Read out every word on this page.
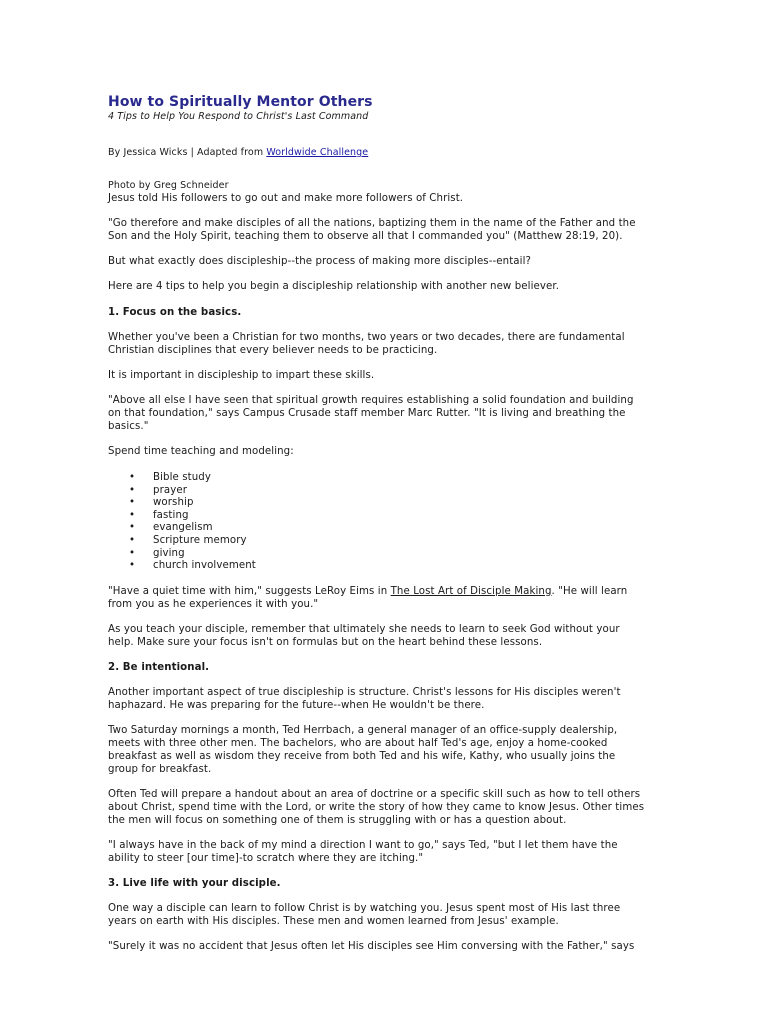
How to Spiritually Mentor Others
4 Tips to Help You Respond to Christ's Last Command
By Jessica Wicks | Adapted from Worldwide Challenge
Photo by Greg Schneider

Jesus told His followers to go out and make more followers of Christ.

"Go therefore and make disciples of all the nations, baptizing them in the name of the Father and the Son and the Holy Spirit, teaching them to observe all that I commanded you" (Matthew 28:19, 20).

But what exactly does discipleship--the process of making more disciples--entail?

Here are 4 tips to help you begin a discipleship relationship with another new believer.

1. Focus on the basics.

Whether you've been a Christian for two months, two years or two decades, there are fundamental Christian disciplines that every believer needs to be practicing.

It is important in discipleship to impart these skills.

"Above all else I have seen that spiritual growth requires establishing a solid foundation and building on that foundation," says Campus Crusade staff member Marc Rutter. "It is living and breathing the basics."

Spend time teaching and modeling:

• Bible study
• prayer
• worship
• fasting
• evangelism
• Scripture memory
• giving
• church involvement

"Have a quiet time with him," suggests LeRoy Eims in The Lost Art of Disciple Making. "He will learn from you as he experiences it with you."

As you teach your disciple, remember that ultimately she needs to learn to seek God without your help. Make sure your focus isn't on formulas but on the heart behind these lessons.

2. Be intentional.

Another important aspect of true discipleship is structure. Christ's lessons for His disciples weren't haphazard. He was preparing for the future--when He wouldn't be there.

Two Saturday mornings a month, Ted Herrbach, a general manager of an office-supply dealership, meets with three other men. The bachelors, who are about half Ted's age, enjoy a home-cooked breakfast as well as wisdom they receive from both Ted and his wife, Kathy, who usually joins the group for breakfast.

Often Ted will prepare a handout about an area of doctrine or a specific skill such as how to tell others about Christ, spend time with the Lord, or write the story of how they came to know Jesus. Other times the men will focus on something one of them is struggling with or has a question about.

"I always have in the back of my mind a direction I want to go," says Ted, "but I let them have the ability to steer [our time]-to scratch where they are itching."

3. Live life with your disciple.

One way a disciple can learn to follow Christ is by watching you. Jesus spent most of His last three years on earth with His disciples. These men and women learned from Jesus' example.

"Surely it was no accident that Jesus often let His disciples see Him conversing with the Father," says
